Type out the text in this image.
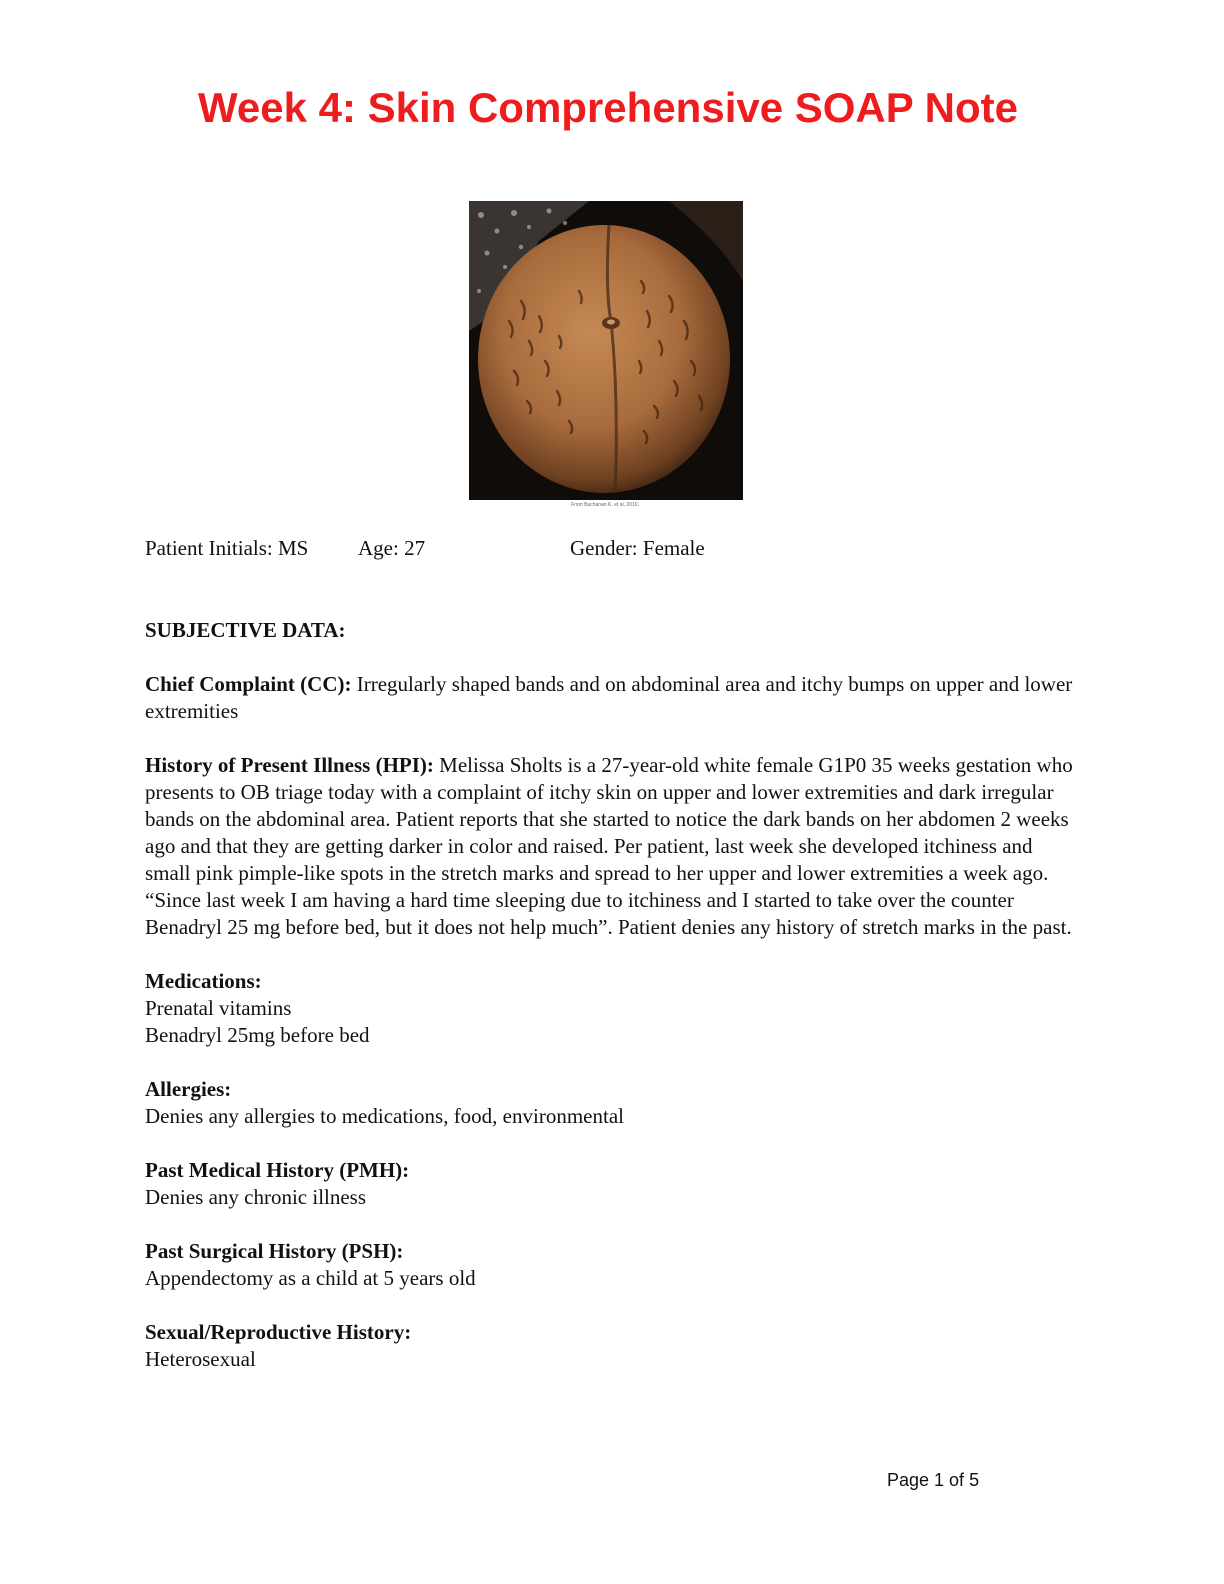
Week 4: Skin Comprehensive SOAP Note
From Buchanan K. et al, 2010.
Patient Initials: MS Age: 27	Gender: Female

SUBJECTIVE DATA:

Chief Complaint (CC): Irregularly shaped bands and on abdominal area and itchy bumps on upper and lower extremities

History of Present Illness (HPI): Melissa Sholts is a 27-year-old white female G1P0 35 weeks gestation who presents to OB triage today with a complaint of itchy skin on upper and lower extremities and dark irregular bands on the abdominal area. Patient reports that she started to notice the dark bands on her abdomen 2 weeks ago and that they are getting darker in color and raised. Per patient, last week she developed itchiness and small pink pimple-like spots in the stretch marks and spread to her upper and lower extremities a week ago. “Since last week I am having a hard time sleeping due to itchiness and I started to take over the counter Benadryl 25 mg before bed, but it does not help much”. Patient denies any history of stretch marks in the past.

Medications:

Prenatal vitamins

Benadryl 25mg before bed

Allergies:

Denies any allergies to medications, food, environmental

Past Medical History (PMH):

Denies any chronic illness

Past Surgical History (PSH):

Appendectomy as a child at 5 years old

Sexual/Reproductive History:

Heterosexual

Page 1 of 5
